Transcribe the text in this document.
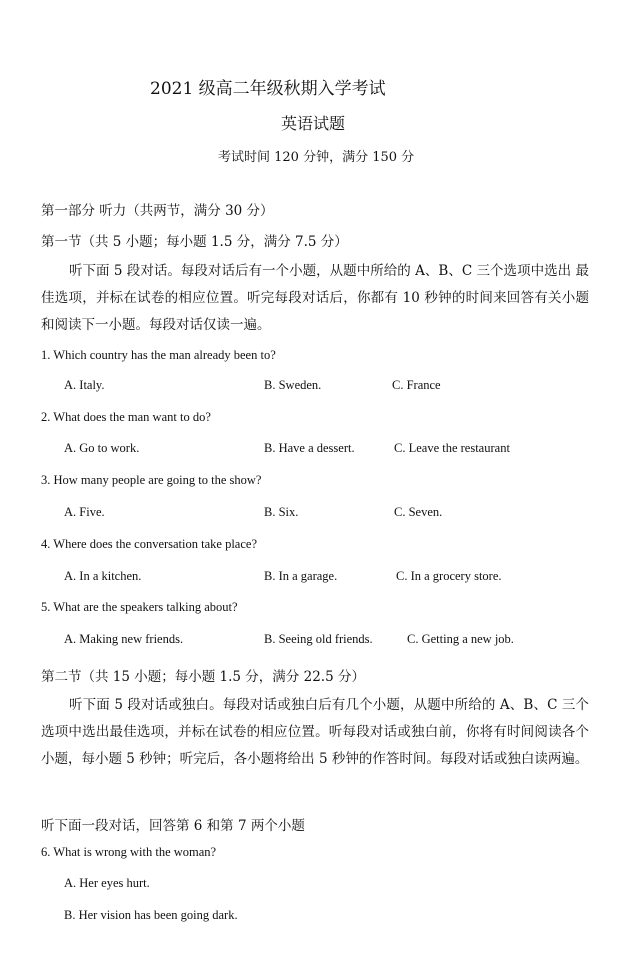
2021 级高二年级秋期入学考试
英语试题
考试时间 120 分钟，满分 150 分
第一部分 听力（共两节，满分 30 分）
第一节（共 5 小题；每小题 1.5 分，满分 7.5 分）
听下面 5 段对话。每段对话后有一个小题，从题中所给的 A、B、C 三个选项中选出 最佳选项，并标在试卷的相应位置。听完每段对话后，你都有 10 秒钟的时间来回答有关小题和阅读下一小题。每段对话仅读一遍。
1. Which country has the man already been to?
A. Italy.	B. Sweden.	C. France
2. What does the man want to do?
A. Go to work.	B. Have a dessert.	C. Leave the restaurant
3. How many people are going to the show?
A. Five.	B. Six.	C. Seven.
4. Where does the conversation take place?
A. In a kitchen.	B. In a garage.	C. In a grocery store.
5. What are the speakers talking about?
A. Making new friends.	B. Seeing old friends.	C. Getting a new job.
第二节（共 15 小题；每小题 1.5 分，满分 22.5 分）
听下面 5 段对话或独白。每段对话或独白后有几个小题，从题中所给的 A、B、C 三个选项中选出最佳选项，并标在试卷的相应位置。听每段对话或独白前，你将有时间阅读各个小题，每小题 5 秒钟；听完后，各小题将给出 5 秒钟的作答时间。每段对话或独白读两遍。
听下面一段对话，回答第 6 和第 7 两个小题
6. What is wrong with the woman?
A. Her eyes hurt.
B. Her vision has been going dark.
